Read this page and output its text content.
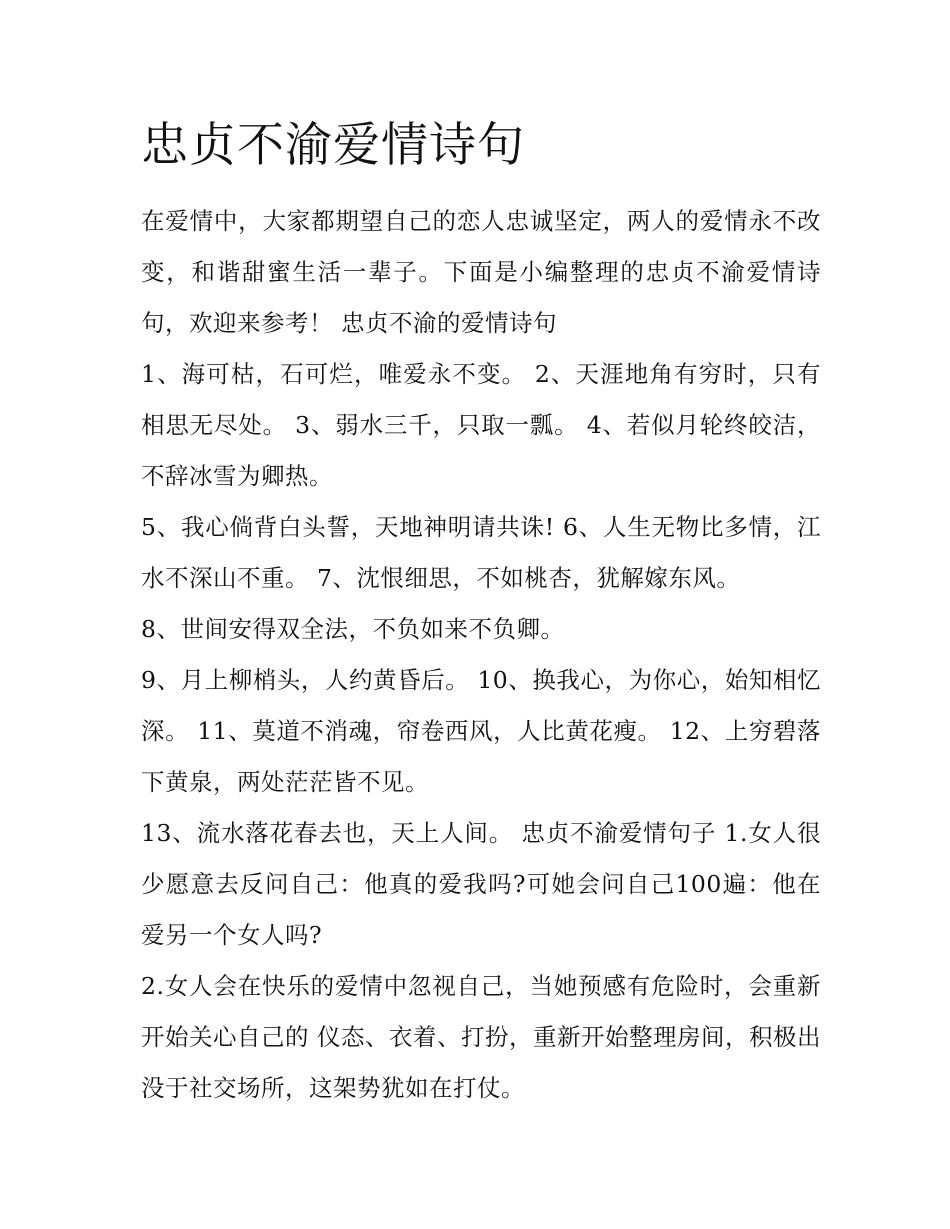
忠贞不渝爱情诗句

在爱情中，大家都期望自己的恋人忠诚坚定，两人的爱情永不改变，和谐甜蜜生活一辈子。下面是小编整理的忠贞不渝爱情诗句，欢迎来参考！ 忠贞不渝的爱情诗句

1、海可枯，石可烂，唯爱永不变。 2、天涯地角有穷时，只有相思无尽处。 3、弱水三千，只取一瓢。 4、若似月轮终皎洁，不辞冰雪为卿热。

5、我心倘背白头誓，天地神明请共诛! 6、人生无物比多情，江水不深山不重。 7、沈恨细思，不如桃杏，犹解嫁东风。

8、世间安得双全法，不负如来不负卿。

9、月上柳梢头，人约黄昏后。 10、换我心，为你心，始知相忆深。 11、莫道不消魂，帘卷西风，人比黄花瘦。 12、上穷碧落下黄泉，两处茫茫皆不见。

13、流水落花春去也，天上人间。 忠贞不渝爱情句子 1.女人很少愿意去反问自己：他真的爱我吗?可她会问自己100遍：他在爱另一个女人吗?

2.女人会在快乐的爱情中忽视自己，当她预感有危险时，会重新开始关心自己的 仪态、衣着、打扮，重新开始整理房间，积极出没于社交场所，这架势犹如在打仗。
